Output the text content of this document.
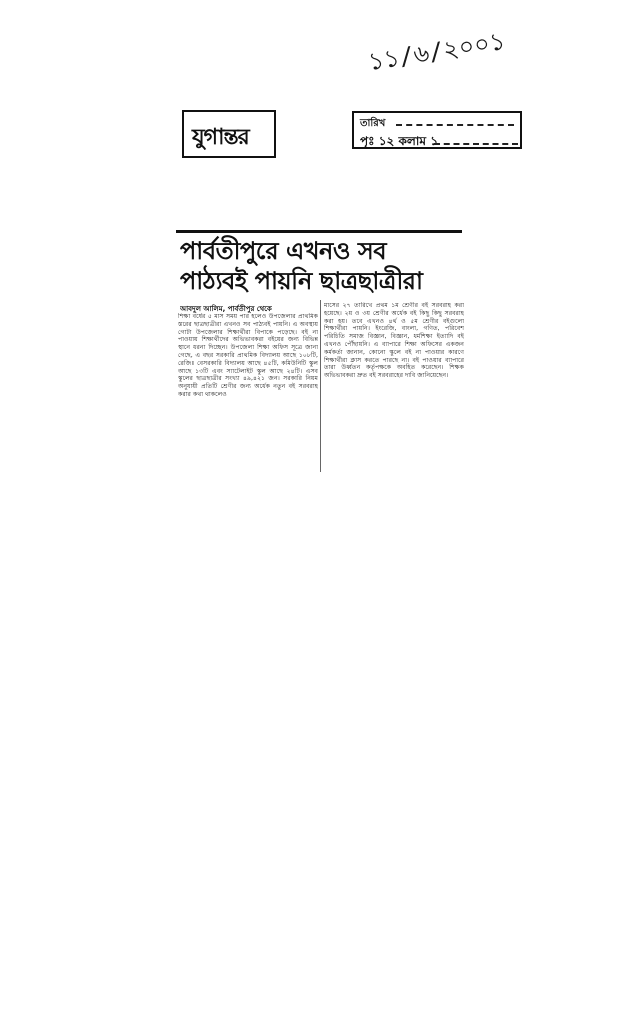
১১/৬/২০০১
যুগান্তর
তারিখ
পৃঃ ১২ কলাম ১
পার্বতীপুরে এখনও সব
পাঠ্যবই পায়নি ছাত্রছাত্রীরা
আবদুল আলিম, পার্বতীপুর থেকে
শিক্ষা বর্ষের ৫ মাস সময় পার হলেও উপজেলার প্রাথমিক স্তরের ছাত্রছাত্রীরা এখনও সব পাঠ্যবই পায়নি। এ অবস্থায় গোটা উপজেলার শিক্ষার্থীরা বিপাকে পড়েছে। বই না পাওয়ায় শিক্ষার্থীদের অভিভাবকরা বইয়ের জন্য বিভিন্ন স্থানে ধরনা দিচ্ছেন। উপজেলা শিক্ষা অফিস সূত্রে জানা গেছে, এ বছর সরকারি প্রাথমিক বিদ্যালয় আছে ১০৮টি, রেজিঃ বেসরকারি বিদ্যালয় আছে ৪৫টি, কমিউনিটি স্কুল আছে ১৩টি এবং স্যাটেলাইট স্কুল আছে ২৪টি। এসব স্কুলের ছাত্রছাত্রীর সংখ্যা ৪৯,৪২১ জন। সরকারি নিয়ম অনুযায়ী প্রতিটি শ্রেণীর জন্য অর্ধেক নতুন বই সরবরাহ করার কথা থাকলেও
মাসের ২৭ তারিখে প্রথম ১ম শ্রেণীর বই সরবরাহ করা হয়েছে। ২য় ও ৩য় শ্রেণীর অর্ধেক বই কিছু কিছু সরবরাহ করা হয়। তবে এখনও ৪র্থ ও ৫ম শ্রেণীর বইগুলো শিক্ষার্থীরা পায়নি। ইংরেজি, বাংলা, গণিত, পরিবেশ পরিচিতি সমাজ বিজ্ঞান, বিজ্ঞান, ধর্মশিক্ষা ইত্যাদি বই এখনও পৌঁছায়নি। এ ব্যাপারে শিক্ষা অফিসের একজন কর্মকর্তা জানান, কোনো স্কুলে বই না পাওয়ার কারণে শিক্ষার্থীরা ক্লাস করতে পারছে না। বই পাওয়ার ব্যাপারে তারা উর্ধ্বতন কর্তৃপক্ষকে অবহিত করেছেন। শিক্ষক অভিভাবকরা দ্রুত বই সরবরাহের দাবি জানিয়েছেন।
